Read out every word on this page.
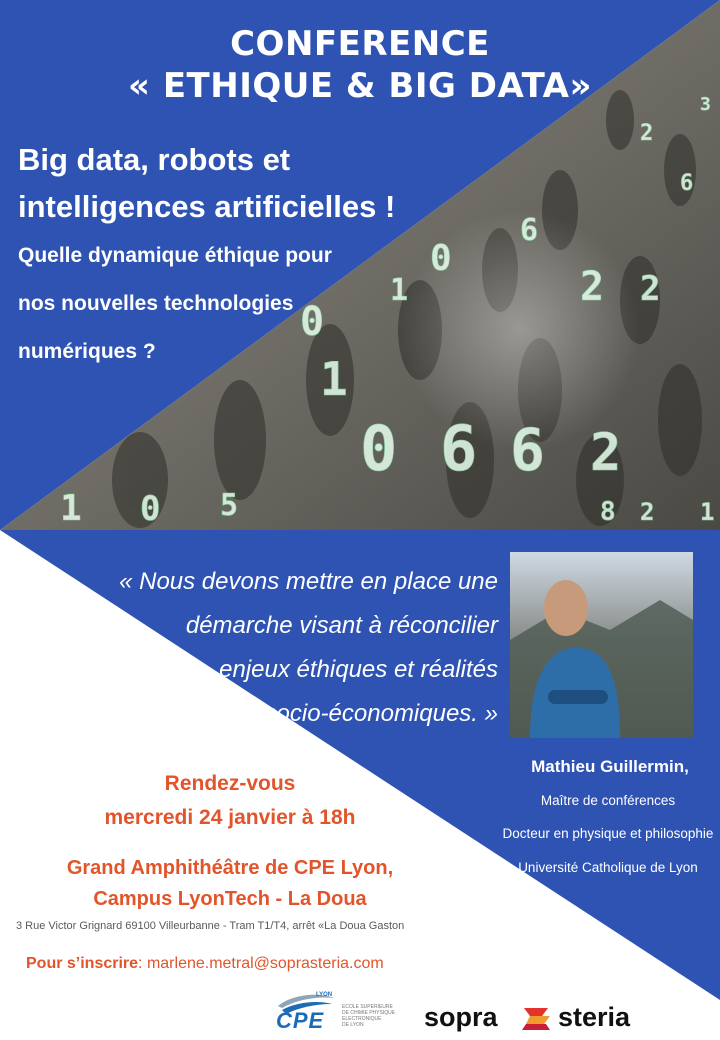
0 6 6 2
1
0
2 2
6
6
0
2
1 0 5	8 2 1
1
3
CONFERENCE
« ETHIQUE & BIG DATA»
Big data, robots et
intelligences artificielles !
Quelle dynamique éthique pour
nos nouvelles technologies
numériques ?
« Nous devons mettre en place une
démarche visant à réconcilier
enjeux éthiques et réalités
socio-économiques. »
Mathieu Guillermin,
Maître de conférences
Docteur en physique et philosophie
Université Catholique de Lyon
Rendez-vous
mercredi 24 janvier à 18h
Grand Amphithéâtre de CPE Lyon,
Campus LyonTech - La Doua
3 Rue Victor Grignard 69100 Villeurbanne - Tram T1/T4, arrêt «La Doua Gaston
Pour s’inscrire: marlene.metral@soprasteria.com
LYON
CPE
ECOLE SUPERIEURE
DE CHIMIE PHYSIQUE ELECTRONIQUE
DE LYON	sopra steria
